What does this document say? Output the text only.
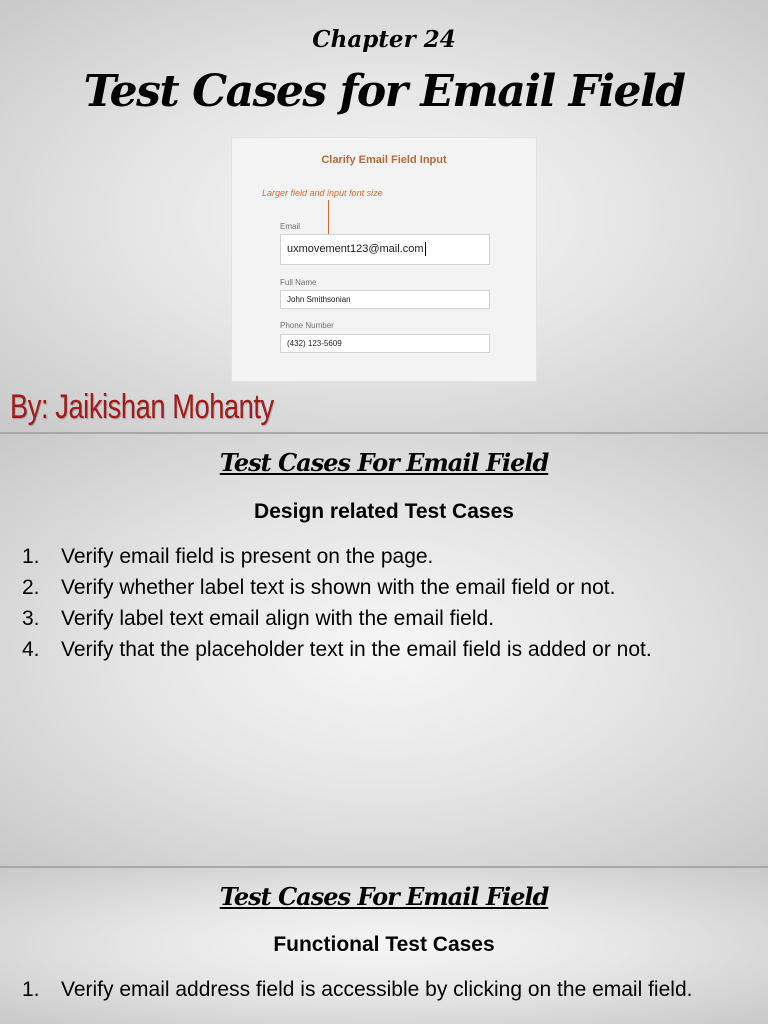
Chapter 24
Test Cases for Email Field
Clarify Email Field Input
Larger field and input font size
Email
uxmovement123@mail.com
Full Name
John Smithsonian
Phone Number
(432) 123-5609
By: Jaikishan Mohanty
Test Cases For Email Field
Design related Test Cases
1. Verify email field is present on the page.
2. Verify whether label text is shown with the email field or not.
3. Verify label text email align with the email field.
4. Verify that the placeholder text in the email field is added or not.
Test Cases For Email Field
Functional Test Cases
1. Verify email address field is accessible by clicking on the email field.
